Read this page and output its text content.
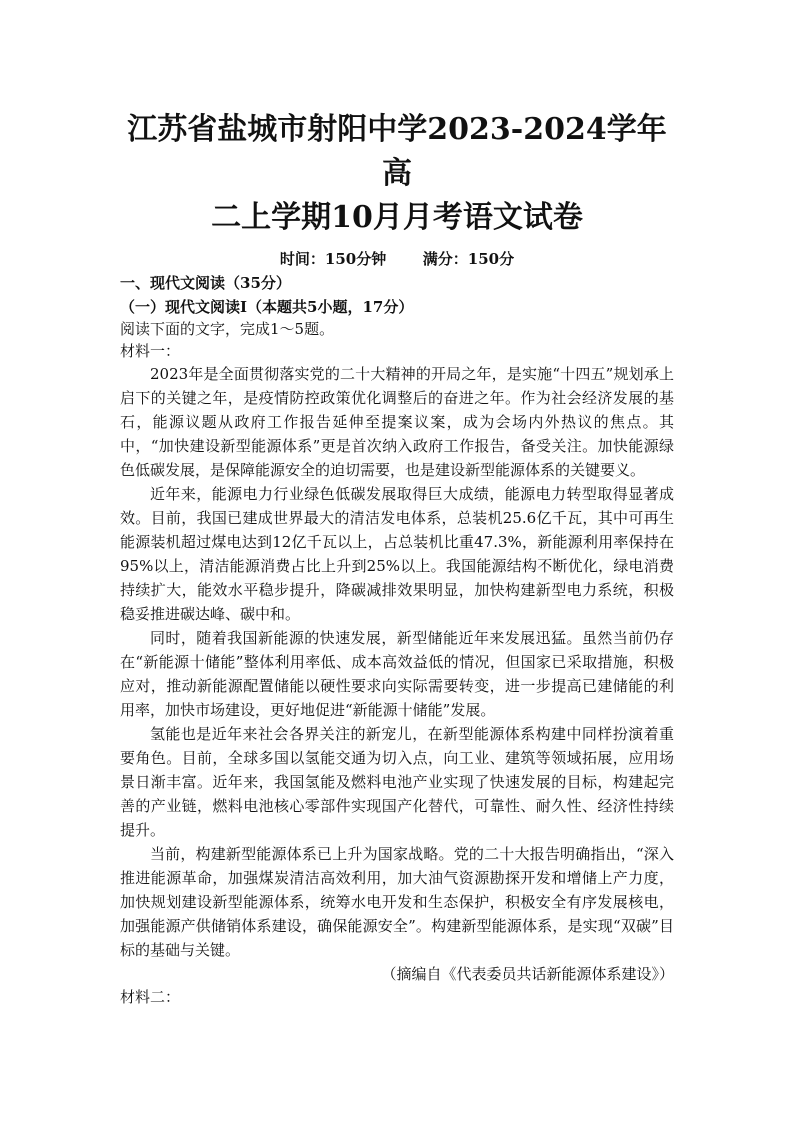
江苏省盐城市射阳中学2023-2024学年高
二上学期10月月考语文试卷
时间：150分钟 满分：150分
一、现代文阅读（35分）
（一）现代文阅读Ⅰ（本题共5小题，17分）
阅读下面的文字，完成1～5题。
材料一：

2023年是全面贯彻落实党的二十大精神的开局之年，是实施“十四五”规划承上启下的关键之年，是疫情防控政策优化调整后的奋进之年。作为社会经济发展的基石，能源议题从政府工作报告延伸至提案议案，成为会场内外热议的焦点。其中，“加快建设新型能源体系”更是首次纳入政府工作报告，备受关注。加快能源绿色低碳发展，是保障能源安全的迫切需要，也是建设新型能源体系的关键要义。

近年来，能源电力行业绿色低碳发展取得巨大成绩，能源电力转型取得显著成效。目前，我国已建成世界最大的清洁发电体系，总装机25.6亿千瓦，其中可再生能源装机超过煤电达到12亿千瓦以上，占总装机比重47.3%，新能源利用率保持在95%以上，清洁能源消费占比上升到25%以上。我国能源结构不断优化，绿电消费持续扩大，能效水平稳步提升，降碳减排效果明显，加快构建新型电力系统，积极稳妥推进碳达峰、碳中和。

同时，随着我国新能源的快速发展，新型储能近年来发展迅猛。虽然当前仍存在“新能源十储能”整体利用率低、成本高效益低的情况，但国家已采取措施，积极应对，推动新能源配置储能以硬性要求向实际需要转变，进一步提高已建储能的利用率，加快市场建设，更好地促进“新能源十储能”发展。

氢能也是近年来社会各界关注的新宠儿，在新型能源体系构建中同样扮演着重要角色。目前，全球多国以氢能交通为切入点，向工业、建筑等领域拓展，应用场景日渐丰富。近年来，我国氢能及燃料电池产业实现了快速发展的目标，构建起完善的产业链，燃料电池核心零部件实现国产化替代，可靠性、耐久性、经济性持续提升。

当前，构建新型能源体系已上升为国家战略。党的二十大报告明确指出，“深入推进能源革命，加强煤炭清洁高效利用，加大油气资源勘探开发和增储上产力度，加快规划建设新型能源体系，统筹水电开发和生态保护，积极安全有序发展核电，加强能源产供储销体系建设，确保能源安全”。构建新型能源体系，是实现“双碳”目标的基础与关键。

（摘编自《代表委员共话新能源体系建设》）
材料二：
